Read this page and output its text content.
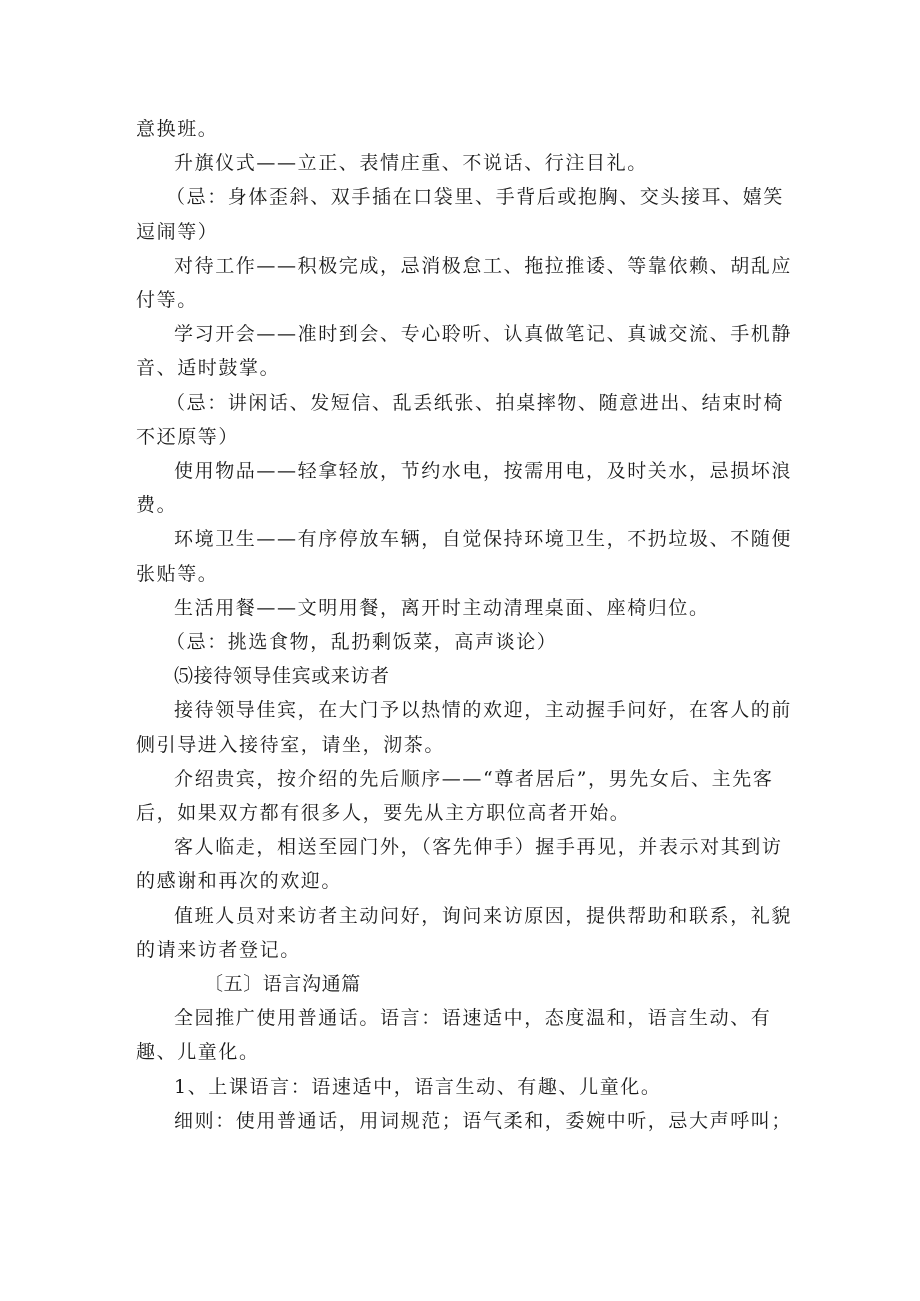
意换班。

升旗仪式——立正、表情庄重、不说话、行注目礼。

（忌：身体歪斜、双手插在口袋里、手背后或抱胸、交头接耳、嬉笑逗闹等）

对待工作——积极完成，忌消极怠工、拖拉推诿、等靠依赖、胡乱应付等。

学习开会——准时到会、专心聆听、认真做笔记、真诚交流、手机静音、适时鼓掌。

（忌：讲闲话、发短信、乱丢纸张、拍桌摔物、随意进出、结束时椅不还原等）

使用物品——轻拿轻放，节约水电，按需用电，及时关水，忌损坏浪费。

环境卫生——有序停放车辆，自觉保持环境卫生，不扔垃圾、不随便张贴等。

生活用餐——文明用餐，离开时主动清理桌面、座椅归位。

（忌：挑选食物，乱扔剩饭菜，高声谈论）

⑸接待领导佳宾或来访者

接待领导佳宾，在大门予以热情的欢迎，主动握手问好，在客人的前侧引导进入接待室，请坐，沏茶。

介绍贵宾，按介绍的先后顺序——“尊者居后”，男先女后、主先客后，如果双方都有很多人，要先从主方职位高者开始。

客人临走，相送至园门外，（客先伸手）握手再见，并表示对其到访的感谢和再次的欢迎。

值班人员对来访者主动问好，询问来访原因，提供帮助和联系，礼貌的请来访者登记。

〔五〕语言沟通篇

全园推广使用普通话。语言：语速适中，态度温和，语言生动、有趣、儿童化。

1、上课语言：语速适中，语言生动、有趣、儿童化。

细则：使用普通话，用词规范；语气柔和，委婉中听，忌大声呼叫；
